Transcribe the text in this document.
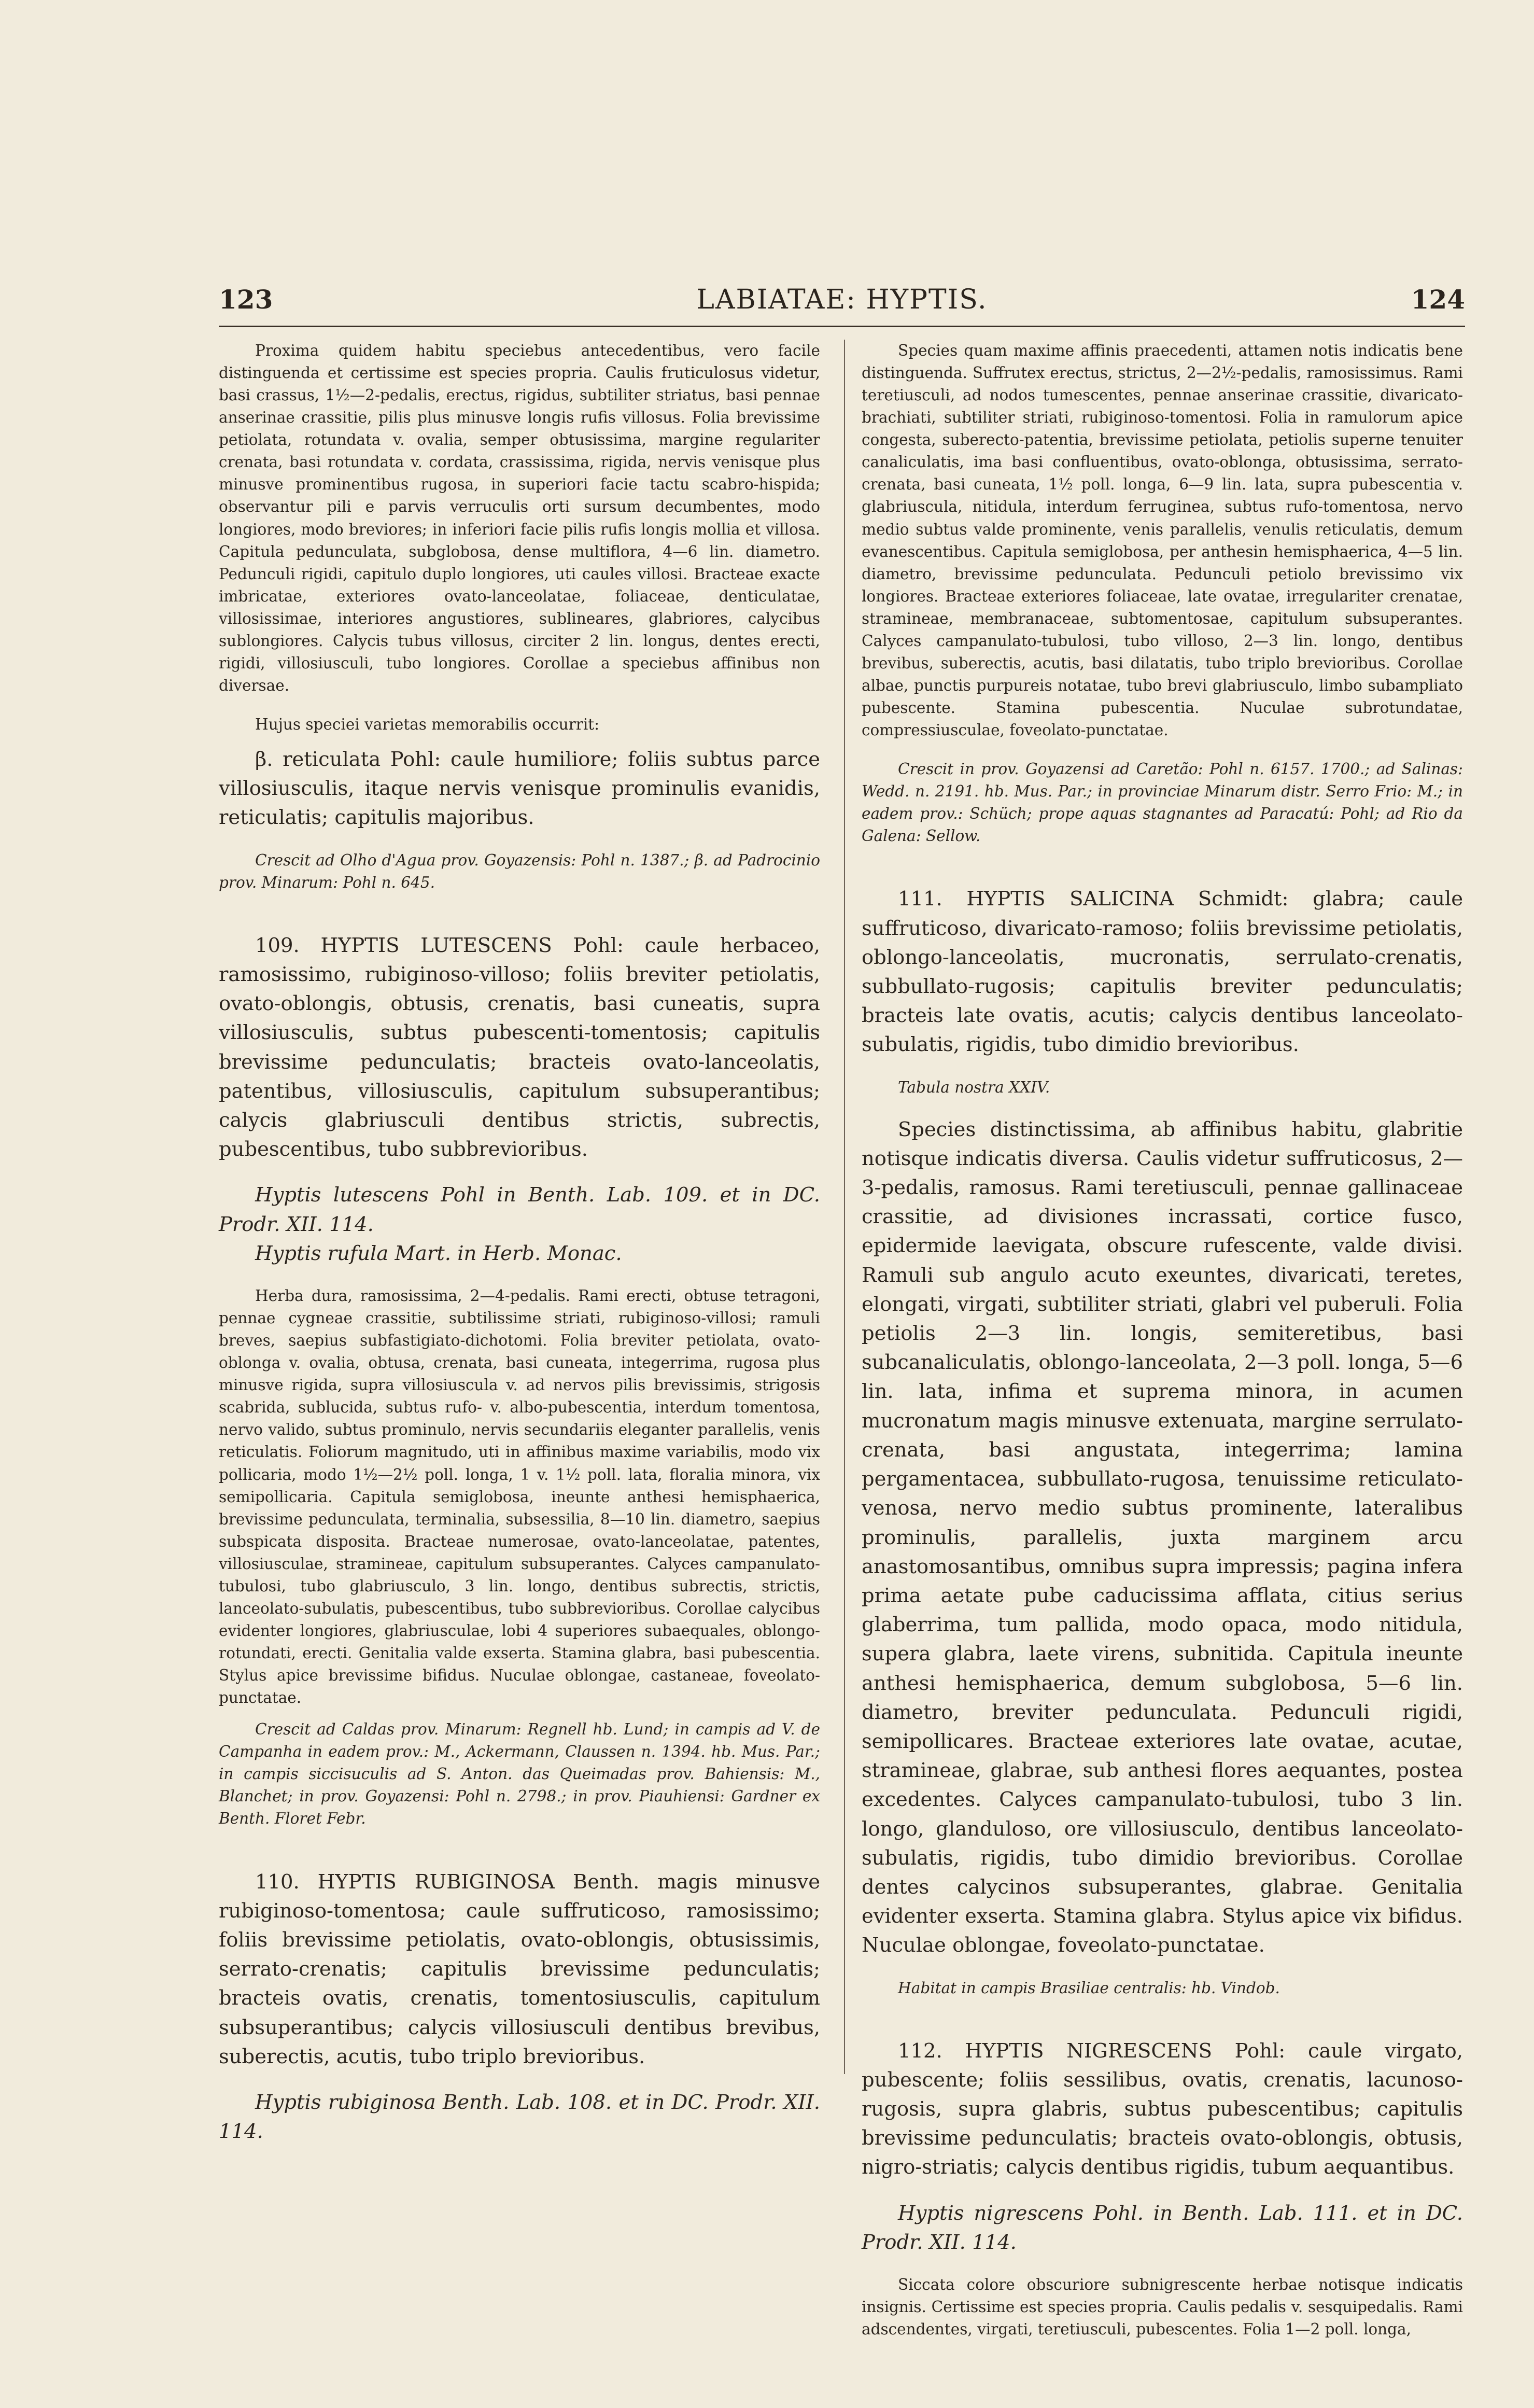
123	LABIATAE: HYPTIS.	124

Proxima quidem habitu speciebus antecedentibus, vero facile distinguenda et certissime est species propria. Caulis fruticulosus videtur, basi crassus, 1½—2-pedalis, erectus, rigidus, subtiliter striatus, basi pennae anserinae crassitie, pilis plus minusve longis rufis villosus. Folia brevissime petiolata, rotundata v. ovalia, semper obtusissima, margine regulariter crenata, basi rotundata v. cordata, crassissima, rigida, nervis venisque plus minusve prominentibus rugosa, in superiori facie tactu scabro-hispida; observantur pili e parvis verruculis orti sursum decumbentes, modo longiores, modo breviores; in inferiori facie pilis rufis longis mollia et villosa. Capitula pedunculata, subglobosa, dense multiflora, 4—6 lin. diametro. Pedunculi rigidi, capitulo duplo longiores, uti caules villosi. Bracteae exacte imbricatae, exteriores ovato-lanceolatae, foliaceae, denticulatae, villosissimae, interiores angustiores, sublineares, glabriores, calycibus sublongiores. Calycis tubus villosus, circiter 2 lin. longus, dentes erecti, rigidi, villosiusculi, tubo longiores. Corollae a speciebus affinibus non diversae.

Hujus speciei varietas memorabilis occurrit:

β. reticulata Pohl: caule humiliore; foliis subtus parce villosiusculis, itaque nervis venisque prominulis evanidis, reticulatis; capitulis majoribus.

Crescit ad Olho d'Agua prov. Goyazensis: Pohl n. 1387.; β. ad Padrocinio prov. Minarum: Pohl n. 645.

109. HYPTIS LUTESCENS Pohl: caule herbaceo, ramosissimo, rubiginoso-villoso; foliis breviter petiolatis, ovato-oblongis, obtusis, crenatis, basi cuneatis, supra villosiusculis, subtus pubescenti-tomentosis; capitulis brevissime pedunculatis; bracteis ovato-lanceolatis, patentibus, villosiusculis, capitulum subsuperantibus; calycis glabriusculi dentibus strictis, subrectis, pubescentibus, tubo subbrevioribus.

Hyptis lutescens Pohl in Benth. Lab. 109. et in DC. Prodr. XII. 114.

Hyptis rufula Mart. in Herb. Monac.

Herba dura, ramosissima, 2—4-pedalis. Rami erecti, obtuse tetragoni, pennae cygneae crassitie, subtilissime striati, rubiginoso-villosi; ramuli breves, saepius subfastigiato-dichotomi. Folia breviter petiolata, ovato-oblonga v. ovalia, obtusa, crenata, basi cuneata, integerrima, rugosa plus minusve rigida, supra villosiuscula v. ad nervos pilis brevissimis, strigosis scabrida, sublucida, subtus rufo- v. albo-pubescentia, interdum tomentosa, nervo valido, subtus prominulo, nervis secundariis eleganter parallelis, venis reticulatis. Foliorum magnitudo, uti in affinibus maxime variabilis, modo vix pollicaria, modo 1½—2½ poll. longa, 1 v. 1½ poll. lata, floralia minora, vix semipollicaria. Capitula semiglobosa, ineunte anthesi hemisphaerica, brevissime pedunculata, terminalia, subsessilia, 8—10 lin. diametro, saepius subspicata disposita. Bracteae numerosae, ovato-lanceolatae, patentes, villosiusculae, stramineae, capitulum subsuperantes. Calyces campanulato-tubulosi, tubo glabriusculo, 3 lin. longo, dentibus subrectis, strictis, lanceolato-subulatis, pubescentibus, tubo subbrevioribus. Corollae calycibus evidenter longiores, glabriusculae, lobi 4 superiores subaequales, oblongo-rotundati, erecti. Genitalia valde exserta. Stamina glabra, basi pubescentia. Stylus apice brevissime bifidus. Nuculae oblongae, castaneae, foveolato-punctatae.

Crescit ad Caldas prov. Minarum: Regnell hb. Lund; in campis ad V. de Campanha in eadem prov.: M., Ackermann, Claussen n. 1394. hb. Mus. Par.; in campis siccisuculis ad S. Anton. das Queimadas prov. Bahiensis: M., Blanchet; in prov. Goyazensi: Pohl n. 2798.; in prov. Piauhiensi: Gardner ex Benth. Floret Febr.

110. HYPTIS RUBIGINOSA Benth. magis minusve rubiginoso-tomentosa; caule suffruticoso, ramosissimo; foliis brevissime petiolatis, ovato-oblongis, obtusissimis, serrato-crenatis; capitulis brevissime pedunculatis; bracteis ovatis, crenatis, tomentosiusculis, capitulum subsuperantibus; calycis villosiusculi dentibus brevibus, suberectis, acutis, tubo triplo brevioribus.

Hyptis rubiginosa Benth. Lab. 108. et in DC. Prodr. XII. 114.

Species quam maxime affinis praecedenti, attamen notis indicatis bene distinguenda. Suffrutex erectus, strictus, 2—2½-pedalis, ramosissimus. Rami teretiusculi, ad nodos tumescentes, pennae anserinae crassitie, divaricato-brachiati, subtiliter striati, rubiginoso-tomentosi. Folia in ramulorum apice congesta, suberecto-patentia, brevissime petiolata, petiolis superne tenuiter canaliculatis, ima basi confluentibus, ovato-oblonga, obtusissima, serrato-crenata, basi cuneata, 1½ poll. longa, 6—9 lin. lata, supra pubescentia v. glabriuscula, nitidula, interdum ferruginea, subtus rufo-tomentosa, nervo medio subtus valde prominente, venis parallelis, venulis reticulatis, demum evanescentibus. Capitula semiglobosa, per anthesin hemisphaerica, 4—5 lin. diametro, brevissime pedunculata. Pedunculi petiolo brevissimo vix longiores. Bracteae exteriores foliaceae, late ovatae, irregulariter crenatae, stramineae, membranaceae, subtomentosae, capitulum subsuperantes. Calyces campanulato-tubulosi, tubo villoso, 2—3 lin. longo, dentibus brevibus, suberectis, acutis, basi dilatatis, tubo triplo brevioribus. Corollae albae, punctis purpureis notatae, tubo brevi glabriusculo, limbo subampliato pubescente. Stamina pubescentia. Nuculae subrotundatae, compressiusculae, foveolato-punctatae.

Crescit in prov. Goyazensi ad Caretão: Pohl n. 6157. 1700.; ad Salinas: Wedd. n. 2191. hb. Mus. Par.; in provinciae Minarum distr. Serro Frio: M.; in eadem prov.: Schüch; prope aquas stagnantes ad Paracatú: Pohl; ad Rio da Galena: Sellow.

111. HYPTIS SALICINA Schmidt: glabra; caule suffruticoso, divaricato-ramoso; foliis brevissime petiolatis, oblongo-lanceolatis, mucronatis, serrulato-crenatis, subbullato-rugosis; capitulis breviter pedunculatis; bracteis late ovatis, acutis; calycis dentibus lanceolato-subulatis, rigidis, tubo dimidio brevioribus.

Tabula nostra XXIV.

Species distinctissima, ab affinibus habitu, glabritie notisque indicatis diversa. Caulis videtur suffruticosus, 2—3-pedalis, ramosus. Rami teretiusculi, pennae gallinaceae crassitie, ad divisiones incrassati, cortice fusco, epidermide laevigata, obscure rufescente, valde divisi. Ramuli sub angulo acuto exeuntes, divaricati, teretes, elongati, virgati, subtiliter striati, glabri vel puberuli. Folia petiolis 2—3 lin. longis, semiteretibus, basi subcanaliculatis, oblongo-lanceolata, 2—3 poll. longa, 5—6 lin. lata, infima et suprema minora, in acumen mucronatum magis minusve extenuata, margine serrulato-crenata, basi angustata, integerrima; lamina pergamentacea, subbullato-rugosa, tenuissime reticulato-venosa, nervo medio subtus prominente, lateralibus prominulis, parallelis, juxta marginem arcu anastomosantibus, omnibus supra impressis; pagina infera prima aetate pube caducissima afflata, citius serius glaberrima, tum pallida, modo opaca, modo nitidula, supera glabra, laete virens, subnitida. Capitula ineunte anthesi hemisphaerica, demum subglobosa, 5—6 lin. diametro, breviter pedunculata. Pedunculi rigidi, semipollicares. Bracteae exteriores late ovatae, acutae, stramineae, glabrae, sub anthesi flores aequantes, postea excedentes. Calyces campanulato-tubulosi, tubo 3 lin. longo, glanduloso, ore villosiusculo, dentibus lanceolato-subulatis, rigidis, tubo dimidio brevioribus. Corollae dentes calycinos subsuperantes, glabrae. Genitalia evidenter exserta. Stamina glabra. Stylus apice vix bifidus. Nuculae oblongae, foveolato-punctatae.

Habitat in campis Brasiliae centralis: hb. Vindob.

112. HYPTIS NIGRESCENS Pohl: caule virgato, pubescente; foliis sessilibus, ovatis, crenatis, lacunoso-rugosis, supra glabris, subtus pubescentibus; capitulis brevissime pedunculatis; bracteis ovato-oblongis, obtusis, nigro-striatis; calycis dentibus rigidis, tubum aequantibus.

Hyptis nigrescens Pohl. in Benth. Lab. 111. et in DC. Prodr. XII. 114.

Siccata colore obscuriore subnigrescente herbae notisque indicatis insignis. Certissime est species propria. Caulis pedalis v. sesquipedalis. Rami adscendentes, virgati, teretiusculi, pubescentes. Folia 1—2 poll. longa,
